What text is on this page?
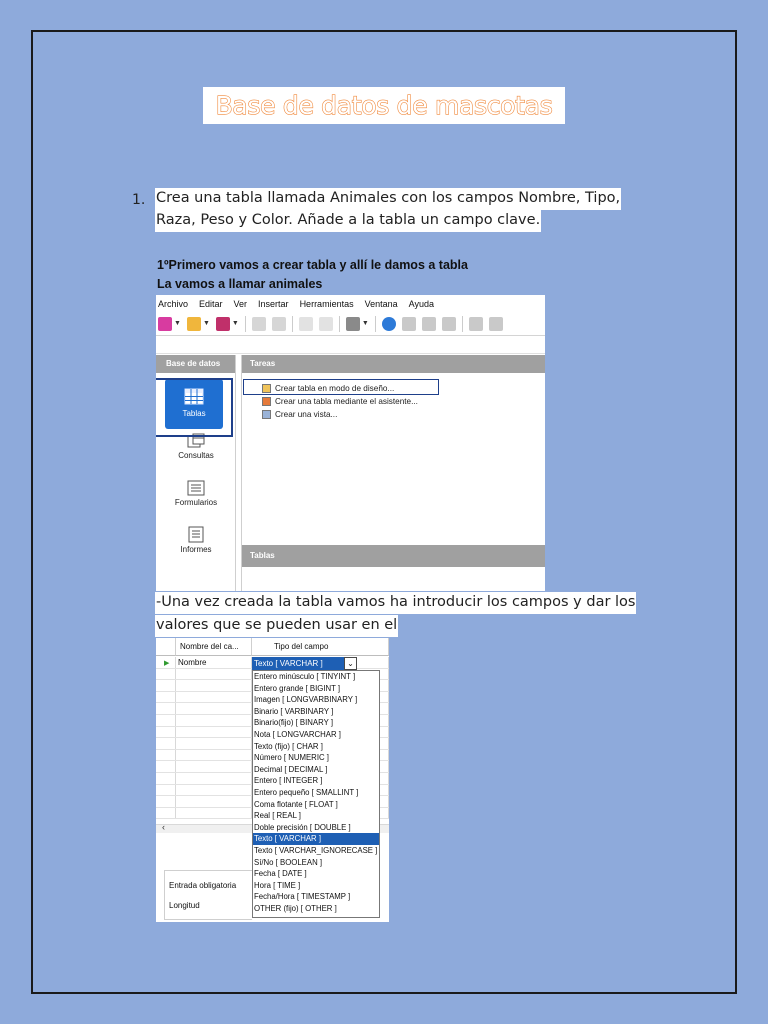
Base de datos de mascotas
1. Crea una tabla llamada Animales con los campos Nombre, Tipo,
Raza, Peso y Color. Añade a la tabla un campo clave.
1ºPrimero vamos a crear tabla y allí le damos a tabla
La vamos a llamar animales
Archivo Editar Ver Insertar Herramientas Ventana Ayuda
▼	▼	▼	▼
Base de datos
Tablas
Consultas
Formularios
Informes
Tareas
Crear tabla en modo de diseño...
Crear una tabla mediante el asistente...
Crear una vista...
Tablas
-Una vez creada la tabla vamos ha introducir los campos y dar los
valores que se pueden usar en el
Nombre del ca...	Tipo del campo
▶ Nombre	Texto [ VARCHAR ]	⌄
‹
Entrada obligatoria
Longitud
Entero minúsculo [ TINYINT ]
Entero grande [ BIGINT ]
Imagen [ LONGVARBINARY ]
Binario [ VARBINARY ]
Binario(fijo) [ BINARY ]
Nota [ LONGVARCHAR ]
Texto (fijo) [ CHAR ]
Número [ NUMERIC ]
Decimal [ DECIMAL ]
Entero [ INTEGER ]
Entero pequeño [ SMALLINT ]
Coma flotante [ FLOAT ]
Real [ REAL ]
Doble precisión [ DOUBLE ]
Texto [ VARCHAR ]
Texto [ VARCHAR_IGNORECASE ]
Sí/No [ BOOLEAN ]
Fecha [ DATE ]
Hora [ TIME ]
Fecha/Hora [ TIMESTAMP ]
OTHER (fijo) [ OTHER ]
